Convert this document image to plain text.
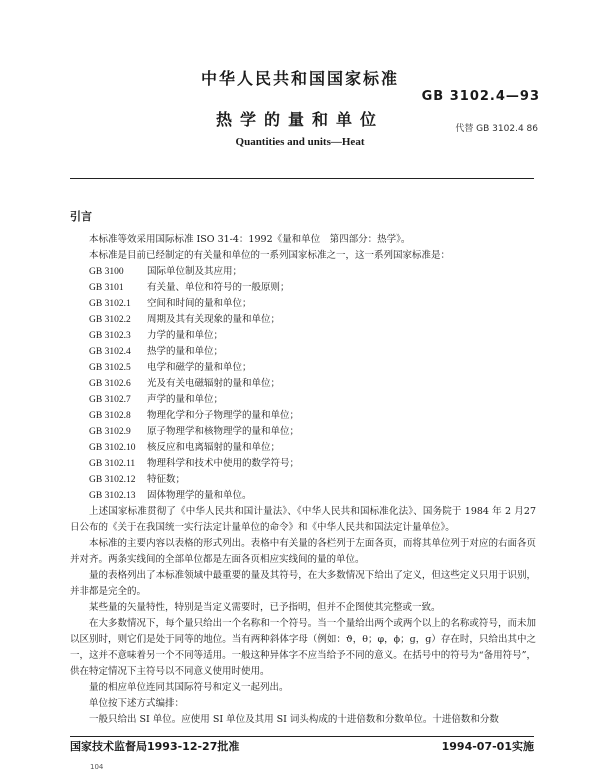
中华人民共和国国家标准
GB 3102.4—93
热学的量和单位	代替 GB 3102.4 86
Quantities and units—Heat
引言

本标准等效采用国际标准 ISO 31-4：1992《量和单位　第四部分：热学》。

本标准是目前已经制定的有关量和单位的一系列国家标准之一，这一系列国家标准是：

GB 3100 国际单位制及其应用；
GB 3101 有关量、单位和符号的一般原则；
GB 3102.1 空间和时间的量和单位；
GB 3102.2 周期及其有关现象的量和单位；
GB 3102.3 力学的量和单位；
GB 3102.4 热学的量和单位；
GB 3102.5 电学和磁学的量和单位；
GB 3102.6 光及有关电磁辐射的量和单位；
GB 3102.7 声学的量和单位；
GB 3102.8 物理化学和分子物理学的量和单位；
GB 3102.9 原子物理学和核物理学的量和单位；
GB 3102.10 核反应和电离辐射的量和单位；
GB 3102.11 物理科学和技术中使用的数学符号；
GB 3102.12 特征数；
GB 3102.13 固体物理学的量和单位。

上述国家标准贯彻了《中华人民共和国计量法》、《中华人民共和国标准化法》、国务院于 1984 年 2 月27 日公布的《关于在我国统一实行法定计量单位的命令》和《中华人民共和国法定计量单位》。

本标准的主要内容以表格的形式列出。表格中有关量的各栏列于左面各页，而将其单位列于对应的右面各页并对齐。两条实线间的全部单位都是左面各页相应实线间的量的单位。

量的表格列出了本标准领域中最重要的量及其符号，在大多数情况下给出了定义，但这些定义只用于识别，并非都是完全的。

某些量的矢量特性，特别是当定义需要时，已予指明，但并不企图使其完整或一致。

在大多数情况下，每个量只给出一个名称和一个符号。当一个量给出两个或两个以上的名称或符号，而未加以区别时，则它们是处于同等的地位。当有两种斜体字母（例如：ϑ，θ；φ，ϕ；g，ɡ）存在时，只给出其中之一，这并不意味着另一个不同等适用。一般这种异体字不应当给予不同的意义。在括号中的符号为“备用符号”，供在特定情况下主符号以不同意义使用时使用。

量的相应单位连同其国际符号和定义一起列出。

单位按下述方式编排：

一般只给出 SI 单位。应使用 SI 单位及其用 SI 词头构成的十进倍数和分数单位。十进倍数和分数

国家技术监督局1993-12-27批准	1994-07-01实施
104
